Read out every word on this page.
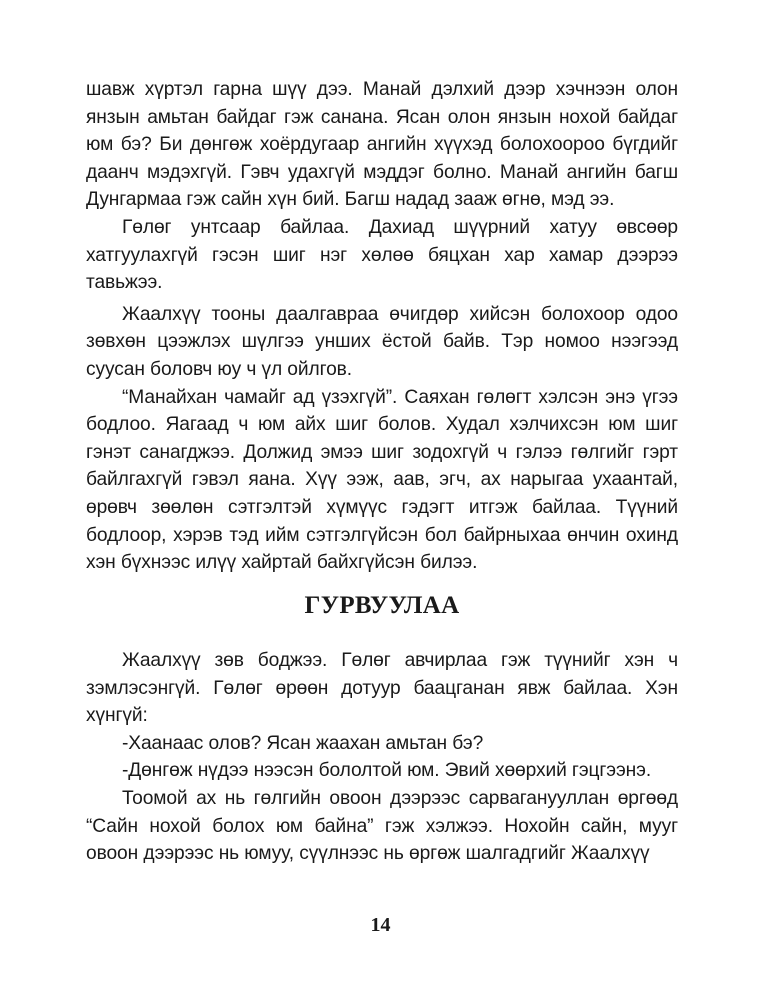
шавж хүртэл гарна шүү дээ. Манай дэлхий дээр хэчнээн олон янзын амьтан байдаг гэж санана. Ясан олон янзын нохой байдаг юм бэ? Би дөнгөж хоёрдугаар ангийн хүүхэд болохоороо бүгдийг даанч мэдэхгүй. Гэвч удахгүй мэддэг болно. Манай ангийн багш Дунгармаа гэж сайн хүн бий. Багш надад зааж өгнө, мэд ээ.

Гөлөг унтсаар байлаа. Дахиад шүүрний хатуу өвсөөр хатгуулахгүй гэсэн шиг нэг хөлөө бяцхан хар хамар дээрээ тавьжээ.

Жаалхүү тооны даалгавраа өчигдөр хийсэн болохоор одоо зөвхөн цээжлэх шүлгээ унших ёстой байв. Тэр номоо нээгээд суусан боловч юу ч үл ойлгов.

“Манайхан чамайг ад үзэхгүй”. Саяхан гөлөгт хэлсэн энэ үгээ бодлоо. Яагаад ч юм айх шиг болов. Худал хэлчихсэн юм шиг гэнэт санагджээ. Должид эмээ шиг зодохгүй ч гэлээ гөлгийг гэрт байлгахгүй гэвэл яана. Хүү ээж, аав, эгч, ах нарыгаа ухаантай, өрөвч зөөлөн сэтгэлтэй хүмүүс гэдэгт итгэж байлаа. Түүний бодлоор, хэрэв тэд ийм сэтгэлгүйсэн бол байрныхаа өнчин охинд хэн бүхнээс илүү хайртай байхгүйсэн билээ.

ГУРВУУЛАА

Жаалхүү зөв боджээ. Гөлөг авчирлаа гэж түүнийг хэн ч зэмлэсэнгүй. Гөлөг өрөөн дотуур баацганан явж байлаа. Хэн хүнгүй:

-Хаанаас олов? Ясан жаахан амьтан бэ?

-Дөнгөж нүдээ нээсэн бололтой юм. Эвий хөөрхий гэцгээнэ.

Тоомой ах нь гөлгийн овоон дээрээс сарваганууллан өргөөд “Сайн нохой болох юм байна” гэж хэлжээ. Нохойн сайн, мууг овоон дээрээс нь юмуу, сүүлнээс нь өргөж шалгадгийг Жаалхүү

14
